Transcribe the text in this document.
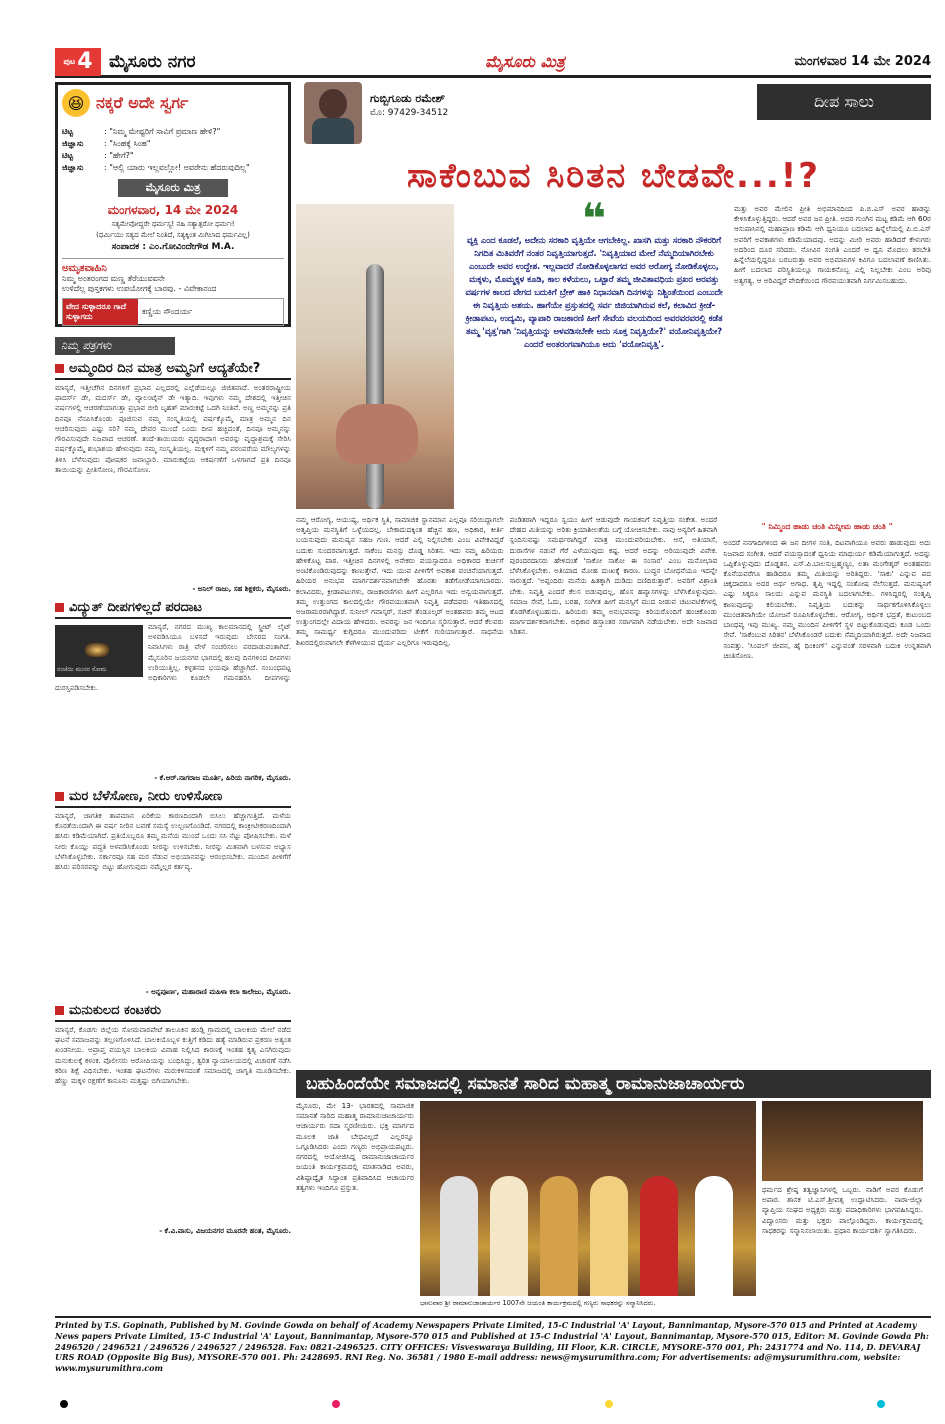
ಪುಟ 4 ಮೈಸೂರು ನಗರ	ಮೈಸೂರು ಮಿತ್ರ	ಮಂಗಳವಾರ 14 ಮೇ 2024
😆 ನಕ್ಕರೆ ಅದೇ ಸ್ವರ್ಗ
ಟಿಟ್ಟ	: "ನಿಮ್ಮ ಮೇಷ್ಟರಿಗೆ ಸಾವಿಗೆ ಪ್ರಮಾಣ ಹೇಳಿ?"
ಜಿಜ್ಞಾಸು	: "ಸಿಂಹಕ್ಕೆ ಸಿಂಹ"
ಟಿಟ್ಟ	: "ಹೇಗೆ?"
ಜಿಜ್ಞಾಸು	: "ಆಲ್ಲಿ ಯಾರು ಇಲ್ಲವಲ್ಲೋ! ಅವರೇನು ಹೆದರುವುದಿಲ್ಲ"
ಮೈಸೂರು ಮಿತ್ರ
ಮಂಗಳವಾರ, 14 ಮೇ 2024
ಸತ್ಯಮೇವೋದ್ಧರೇ ಧರ್ಮಸ್ಯ! ನಹಿ ಸತ್ಯಾತ್ಪರೋ ಧರ್ಮಃ!
(ಧರ್ಮಿಯು ಸತ್ಯದ ಮೇಲೆ ನಿಂತಿದೆ, ಸತ್ಯಕ್ಕಿಂತ ಮಿಗಿಲಾದ ಧರ್ಮವಿಲ್ಲ)
ಸಂಪಾದಕ : ಎಂ.ಗೋವಿಂದೇಗೌಡ M.A.
ಅಮೃತವಾಹಿನಿ
ನಿಮ್ಮ ಅಂತರಂಗದ ಮಣ್ಣ ತೆರೆಯುವವನೇ
ಉಳಿದೆಲ್ಲ ಪುಸ್ತಕಗಳು ಉಪಯೋಗಕ್ಕೆ ಬಾರವು. - ವಿವೇಕಾನಂದ
ವೇದ ಸುಳ್ಳಾದರೂ ಗಾದೆ ಸುಳ್ಳಾಗದು
ಕಣ್ಣಿಯ ಸೌಂದರ್ಯ
ನಿಮ್ಮ ಪತ್ರಗಳು
ಅಮ್ಮಂದಿರ ದಿನ ಮಾತ್ರ ಅಮ್ಮನಿಗೆ ಆದ್ಯತೆಯೇ?
ಮಾನ್ಯರೆ, ಇತ್ತೀಚೆಗಿನ ದಿನಗಳಿಗೆ ಪ್ರಭಾವ ಎಲ್ಲದರಲ್ಲಿ ಎಲ್ಲೆಡೆಯಲ್ಲೂ ಜಿಜಿತವಾದೆ. ಅಂತರರಾಷ್ಟ್ರೀಯ ಫಾದರ್ಸ್ ಡೇ, ಮದರ್ಸ್ ಡೇ, ವ್ಯಾಲಂಟೈನ್ ಡೇ ಇತ್ಯಾದಿ. ಇವುಗಳು ನಮ್ಮ ದೇಶದಲ್ಲಿ ಇತ್ತೀಚಿನ ವರ್ಷಗಳಲ್ಲಿ ಆಚರಣೆಯಾಗುತ್ತಾ ಪ್ರಭಾವ ಬೀರಿ ಬೃಹತ್ ಮಾರುಕಟ್ಟೆ ಒದಗಿ ನಿಂತಿವೆ. ಅಣ್ಣ ಅಮ್ಮನನ್ನು ಪ್ರತಿ ದಿನವೂ ನೆನಪಿಸಿಕೊಂಡು ಪೂಜಿಸುವ ನಮ್ಮ ಸಂಸ್ಕೃತಿಯಲ್ಲಿ ವರ್ಷಕ್ಕೊಮ್ಮೆ ಮಾತ್ರ ಅಮ್ಮನ ದಿನ ಆಚರಿಸುವುದು ಎಷ್ಟು ಸರಿ? ನಮ್ಮ ದೇವರ ಮುಂದೆ ಒಂದು ದೀಪ ಹಚ್ಚಿದಂತೆ, ದಿನವೂ ಅಮ್ಮನನ್ನು ಗೌರವಿಸುವುದೇ ನಿಜವಾದ ಆಚರಣೆ. ತಂದೆ-ತಾಯಿಯರು ವೃದ್ಧರಾದಾಗ ಅವರನ್ನು ವೃದ್ಧಾಶ್ರಮಕ್ಕೆ ಸೇರಿಸಿ ವರ್ಷಕ್ಕೊಮ್ಮೆ ಶುಭಾಶಯ ಹೇಳುವುದು ನಮ್ಮ ಸಂಸ್ಕೃತಿಯಲ್ಲ. ಮಕ್ಕಳಿಗೆ ನಮ್ಮ ಪರಂಪರೆಯ ಮೌಲ್ಯಗಳನ್ನು ತಿಳಿಸಿ ಬೆಳೆಸುವುದು ಪೋಷಕರ ಜವಾಬ್ದಾರಿ. ಮಾರುಕಟ್ಟೆಯ ಆಕರ್ಷಣೆಗೆ ಒಳಗಾಗದೆ ಪ್ರತಿ ದಿನವೂ ತಾಯಿಯನ್ನು ಪ್ರೀತಿಸೋಣ, ಗೌರವಿಸೋಣ.
- ಅನಿಲ್ ರಾಜು, ಸಹ ಶಿಕ್ಷಕರು, ಮೈಸೂರು.
ವಿದ್ಯುತ್ ದೀಪಗಳಿಲ್ಲದೆ ಪರದಾಟ
ನಂಜೆಯಿ ಮುನನ ಸೋಮ
ಮಾನ್ಯರೆ, ನಗರದ ಮುಖ್ಯ ಕಾಲಮಾನದಲ್ಲಿ ಸ್ಟ್ರೀಟ್ ಲೈಟ್ ಅಳವಡಿಸಿಯೂ ಬಳಸದೆ ಇರುವುದು ಬೇಸರದ ಸಂಗತಿ. ನಿವಾಸಿಗಳು ರಾತ್ರಿ ವೇಳೆ ಸಂಚರಿಸಲು ಪರದಾಡುವಂತಾಗಿದೆ. ಮೈಸೂರಿನ ಜಯನಗರ ಭಾಗದಲ್ಲಿ ಹಲವು ದಿನಗಳಿಂದ ದೀಪಗಳು ಉರಿಯುತ್ತಿಲ್ಲ. ಕಳ್ಳತನದ ಭಯವೂ ಹೆಚ್ಚಾಗಿದೆ. ಸಂಬಂಧಪಟ್ಟ ಅಧಿಕಾರಿಗಳು ಕೂಡಲೇ ಗಮನಹರಿಸಿ ದೀಪಗಳನ್ನು ದುರಸ್ತಿಪಡಿಸಬೇಕು.
- ಕೆ.ಆರ್.ನಾಗರಾಜ ಮೂರ್ತಿ, ಹಿರಿಯ ನಾಗರಿಕ, ಮೈಸೂರು.
ಮರ ಬೆಳೆಸೋಣ, ನೀರು ಉಳಿಸೋಣ
ಮಾನ್ಯರೆ, ಜಾಗತಿಕ ತಾಪಮಾನ ಏರಿಕೆಯ ಕಾರಣದಿಂದಾಗಿ ಬಿಸಿಲು ಹೆಚ್ಚಾಗುತ್ತಿದೆ. ಮಳೆಯ ಕೊರತೆಯಿಂದಾಗಿ ಈ ವರ್ಷ ನೀರಿನ ಬವಣೆ ಸಮಸ್ಯೆ ಉಲ್ಬಣಗೊಂಡಿದೆ. ನಗರದಲ್ಲಿ ಕಾಂಕ್ರೀಟೀಕರಣದಿಂದಾಗಿ ಹಸಿರು ಕಡಿಮೆಯಾಗಿದೆ. ಪ್ರತಿಯೊಬ್ಬರೂ ತಮ್ಮ ಮನೆಯ ಮುಂದೆ ಒಂದು ಸಸಿ ನೆಟ್ಟು ಪೋಷಿಸಬೇಕು. ಮಳೆ ನೀರು ಕೊಯ್ಲು ಪದ್ಧತಿ ಅಳವಡಿಸಿಕೊಂಡು ನೀರನ್ನು ಉಳಿಸಬೇಕು. ನೀರನ್ನು ಮಿತವಾಗಿ ಬಳಸುವ ಅಭ್ಯಾಸ ಬೆಳೆಸಿಕೊಳ್ಳಬೇಕು. ಸರ್ಕಾರವೂ ಸಹ ಮರ ನೆಡುವ ಅಭಿಯಾನವನ್ನು ಆರಂಭಿಸಬೇಕು. ಮುಂದಿನ ಪೀಳಿಗೆಗೆ ಹಸಿರು ಪರಿಸರವನ್ನು ಬಿಟ್ಟು ಹೋಗುವುದು ನಮ್ಮೆಲ್ಲರ ಕರ್ತವ್ಯ.
- ಅನ್ನಪೂರ್ಣ, ಮಹಾರಾಣಿ ಮಹಿಳಾ ಕಲಾ ಕಾಲೇಜು, ಮೈಸೂರು.
ಮನುಕುಲದ ಕಂಟಕರು
ಮಾನ್ಯರೆ, ಕೊಡಗು ಜಿಲ್ಲೆಯ ಸೋಮವಾರಪೇಟೆ ತಾಲೂಕಿನ ಹಂಡ್ಲಿ ಗ್ರಾಮದಲ್ಲಿ ಬಾಲಕಿಯ ಮೇಲೆ ನಡೆದ ಘಟನೆ ಸಮಾಜವನ್ನು ತಲ್ಲಣಗೊಳಿಸಿದೆ. ಬಾಲಕಿಯೊಬ್ಬಳ ಕುತ್ತಿಗೆ ಕಡಿದು ಹತ್ಯೆ ಮಾಡಿರುವ ಪ್ರಕರಣ ಅತ್ಯಂತ ಖಂಡನೀಯ. ಅಪ್ರಾಪ್ತ ವಯಸ್ಸಿನ ಬಾಲಕಿಯ ವಿವಾಹ ನಿಲ್ಲಿಸಿದ ಕಾರಣಕ್ಕೆ ಇಂತಹ ಕೃತ್ಯ ಎಸಗಿರುವುದು ಮನುಕುಲಕ್ಕೆ ಕಳಂಕ. ಪೊಲೀಸರು ಆರೋಪಿಯನ್ನು ಬಂಧಿಸಿದ್ದು, ತ್ವರಿತ ನ್ಯಾಯಾಲಯದಲ್ಲಿ ವಿಚಾರಣೆ ನಡೆಸಿ ಕಠಿಣ ಶಿಕ್ಷೆ ವಿಧಿಸಬೇಕು. ಇಂತಹ ಘಟನೆಗಳು ಮರುಕಳಿಸದಂತೆ ಸಮಾಜದಲ್ಲಿ ಜಾಗೃತಿ ಮೂಡಿಸಬೇಕು. ಹೆಣ್ಣು ಮಕ್ಕಳ ರಕ್ಷಣೆಗೆ ಕಾನೂನು ಮತ್ತಷ್ಟು ಬಿಗಿಯಾಗಬೇಕು.
- ಕೆ.ವಿ.ವಾಸು, ವಿಜಯನಗರ ಮೂರನೇ ಹಂತ, ಮೈಸೂರು.
ಗುಬ್ಬಿಗೂಡು ರಮೇಶ್
ಮೊ: 97429-34512
ದೀಪ ಸಾಲು
ಸಾಕೆಂಬುವ ಸಿರಿತನ ಬೇಡವೇ...!?
❝
ವ್ಯಕ್ತಿ ಎಂದ ಕೂಡಲೆ, ಅದೇನು ಸರಕಾರಿ ವೃತ್ತಿಯೇ ಆಗಬೇಕಿಲ್ಲ. ಖಾಸಗಿ ಮತ್ತು ಸರಕಾರಿ ನೌಕರರಿಗೆ ನಿಗದಿತ ಮಿತಿವರೆಗೆ ನಂತರ ನಿವೃತ್ತಿಯಾಗುತ್ತದೆ. 'ನಿವೃತ್ತಿಯಾದ ಮೇಲೆ ನೆಮ್ಮದಿಯಾಗಿರಬೇಕು ಎಂಬುದೇ ಅವರ ಉದ್ದೇಶ. ಇಲ್ಲವಾದರೆ ನೋಡಿಕೊಳ್ಳಲಾಗದ ಅವರ ಆರೋಗ್ಯ ನೋಡಿಕೊಳ್ಳಲು, ಮಕ್ಕಳು, ಮೊಮ್ಮಕ್ಕಳ ಕೂಡಿ, ಕಾಲ ಕಳೆಯಲು, ಒಟ್ಟಾರೆ ತಮ್ಮ ಜೀವಿತಾವಧಿಯ ಪ್ರಖರ ಅರವತ್ತು ವರ್ಷಗಳ ಕಾಲದ ವೇಗದ ಬದುಕಿಗೆ ಬ್ರೇಕ್ ಹಾಕಿ ನಿಧಾನವಾಗಿ ದಿನಗಳನ್ನು ನಿಶ್ಚಿಂತೆಯಿಂದ ಎಂಬುದೇ ಈ ನಿವೃತ್ತಿಯ ಅಶಯ. ಹಾಗೆಯೇ ಪ್ರಸ್ತುತದಲ್ಲಿ ಸರ್ವ ಜಿಜಿಯಾಗಿರುವ ಕಲೆ, ಕಲಾವಿದ ಕ್ರೀಡೆ-ಕ್ರೀಡಾಪಟು, ಉದ್ಯಮಿ, ವ್ಯಾಪಾರಿ ರಾಜಕಾರಣಿ ಹೀಗೆ ಸೇವೆಯ ವಲಯದಿಂದ ಅವರವರವರಲ್ಲಿ ಕಡೆತ ತಮ್ಮ 'ವೃತ್ತ'ಗಾಗಿ 'ನಿವೃತ್ತಿಯನ್ನು ಅಳವಡಿಸಬೇಕೇ ಅದು ಸೂಕ್ತ ನಿವೃತ್ತಿಯೇ?' ವಯೋನಿವೃತ್ತಿಯೇ? ಎಂದರೆ ಅಂತರಂಗವಾಗಿಯೂ ಅದು 'ವಯೋನಿವೃತ್ತಿ'.
ಮತ್ತು ಅವರ ಮೇಲಿನ ಪ್ರೀತಿ ಅಭಿಮಾನದಿಂದ ಪಿ.ಬಿ.ಎಸ್ ಅವರ ಹಾಡನ್ನು ಕೇಳಿಸಿಕೊಳ್ಳುತ್ತಿದ್ದರು. ಆದರೆ ಅವರ ಜನ ಪ್ರೀತಿ. ಅದರ ಗುಂಗಿನ ಮಟ್ಟ ಕಡಿಮೆ ಆಗಿ 60ರ ಆಸುಪಾಸಿನಲ್ಲಿ ಮಹಾಪ್ರಾಣ ಕಡಿಮೆ ಆಗಿ ಧ್ವನಿಯೂ ಬದಲಾದ ಹಿನ್ನೆಲೆಯಲ್ಲಿ ಪಿ.ಬಿ.ಎಸ್ ಅವರಿಗೆ ಅವಕಾಶಗಳು ಕಡಿಮೆಯಾದವು. ಅದನ್ನು ಮೀರಿ ಅವರು ಹಾಡಿದರೆ ಕೇಳುಗರು ಅದರಿಂದ ದೂರ ಸರಿದರು. ನೋವಿನ ಸಂಗತಿ ಎಂದರೆ ಆ ಧ್ವನಿ ಮೊದಲು ತರಬೇತಿ ಹಿನ್ನೆಲೆಯಲ್ಲಿದ್ದರೂ ಬರಬರುತ್ತಾ ಅವರ ಅಭಿಮಾನಿಗಳ ಕಿವಿಗೂ ಬದಲಾವಣೆ ಕಾಣಿಸಿತು. ಹೀಗೆ ಬದಲಾದ ಪರಿಸ್ಥಿತಿಯಲ್ಲೂ ಗಾಯಕನೊಬ್ಬ ಎಲ್ಲಿ ನಿಲ್ಲಬೇಕು ಎಂಬ ಅರಿವು ಅತ್ಯಗತ್ಯ. ಆ ಅರಿವಿದ್ದರೆ ವೇದಿಕೆಯಿಂದ ಗೌರವಯುತವಾಗಿ ನಿರ್ಗಮಿಸಬಹುದು.
ನಮ್ಮ ಆರೋಗ್ಯ, ಆಯುಷ್ಯ, ಅರ್ಥಿಕ ಸ್ಥಿತಿ, ಸಾಮಾಜಿಕ ಸ್ಥಾನಮಾನ ಎಲ್ಲವೂ ಸರಿಯಿದ್ದಾಗಲೇ ಅತೃಪ್ತಿಯ ಮನಸ್ಥಿತಿಗೆ ಒಳ್ಳೆಯದಲ್ಲ. ಬೇಕಾದುದಕ್ಕಿಂತ ಹೆಚ್ಚಿನ ಹಣ, ಅಧಿಕಾರ, ಕೀರ್ತಿ ಬಯಸುವುದು ಮನುಷ್ಯನ ಸಹಜ ಗುಣ. ಆದರೆ ಎಲ್ಲಿ ನಿಲ್ಲಿಸಬೇಕು ಎಂಬ ವಿವೇಕವಿದ್ದರೆ ಬದುಕು ಸುಂದರವಾಗುತ್ತದೆ. ಸಾಕೆಂಬ ಮನಸ್ಸು ದೊಡ್ಡ ಸಿರಿತನ. ಇದು ನಮ್ಮ ಹಿರಿಯರು ಹೇಳಿಕೊಟ್ಟ ಪಾಠ. ಇತ್ತೀಚಿನ ದಿನಗಳಲ್ಲಿ ಅನೇಕರು ವಯಸ್ಸಾದರೂ ಅಧಿಕಾರದ ಕುರ್ಚಿಗೆ ಅಂಟಿಕೊಂಡಿರುವುದನ್ನು ಕಾಣುತ್ತೇವೆ. ಇದು ಯುವ ಪೀಳಿಗೆಗೆ ಅವಕಾಶ ವಂಚನೆಯಾಗುತ್ತದೆ. ಹಿರಿಯರ ಅನುಭವ ಮಾರ್ಗದರ್ಶನವಾಗಬೇಕೇ ಹೊರತು ತಡೆಗೋಡೆಯಾಗಬಾರದು. ಕಲಾವಿದರು, ಕ್ರೀಡಾಪಟುಗಳು, ರಾಜಕಾರಣಿಗಳು ಹೀಗೆ ಎಲ್ಲರಿಗೂ ಇದು ಅನ್ವಯವಾಗುತ್ತದೆ. ತಮ್ಮ ಉತ್ತುಂಗದ ಕಾಲದಲ್ಲಿಯೇ ಗೌರವಯುತವಾಗಿ ನಿವೃತ್ತಿ ಪಡೆದವರು ಇತಿಹಾಸದಲ್ಲಿ ಅಜರಾಮರರಾಗಿದ್ದಾರೆ. ಸುನೀಲ್ ಗವಾಸ್ಕರ್, ಸಚಿನ್ ತೆಂಡೂಲ್ಕರ್ ಅಂತಹವರು ತಮ್ಮ ಆಟದ ಉತ್ತುಂಗದಲ್ಲೇ ವಿದಾಯ ಹೇಳಿದರು. ಅವರನ್ನು ಜನ ಇಂದಿಗೂ ಸ್ಮರಿಸುತ್ತಾರೆ. ಆದರೆ ಕೆಲವರು ತಮ್ಮ ಸಾಮರ್ಥ್ಯ ಕುಗ್ಗಿದರೂ ಮುಂದುವರಿದು ಟೀಕೆಗೆ ಗುರಿಯಾಗುತ್ತಾರೆ. ಸಾಧನೆಯ ಶಿಖರದಲ್ಲಿರುವಾಗಲೇ ಕೆಳಗಿಳಿಯುವ ಧೈರ್ಯ ಎಲ್ಲರಿಗೂ ಇರುವುದಿಲ್ಲ.
ಪಂಡಿತರಾಗಿ ಇದ್ದರೂ ಸ್ವಯಂ ಹೀಗೆ ಆಡುವುದೇ ಗಾಯಕನಿಗೆ ನಿವೃತ್ತಿಯ ಸಂಕೇತ. ಅಂದರೆ ದೇಹದ ಮಿತಿಯನ್ನು ಅರಿತು ಕ್ರಿಯಾಶೀಲತೆಯ ಬಗ್ಗೆ ಯೋಚಿಸಬೇಕು. ನಾವು ಅನ್ಯರಿಗೆ ಹಿತವಾಗಿ ಸ್ಪಂದಿಸುವಷ್ಟು ಸಮರ್ಥರಾಗಿದ್ದರೆ ಮಾತ್ರ ಮುಂದುವರಿಯಬೇಕು. ಆಸೆ, ಅತಿಯಾಸೆ, ದುರಾಸೆಗಳ ನಡುವೆ ಗೆರೆ ಎಳೆಯುವುದು ಕಷ್ಟ. ಆದರೆ ಅದನ್ನು ಅರಿಯುವುದೇ ವಿವೇಕ. ಪುರಂದರದಾಸರು ಹೇಳಿದಂತೆ 'ಸಾಕೋ ಸಾಕೋ ಈ ಸಂಸಾರ' ಎಂಬ ಮನೋಭಾವ ಬೆಳೆಸಿಕೊಳ್ಳಬೇಕು. ಅತಿಯಾದ ಮೋಹ ದುಃಖಕ್ಕೆ ಕಾರಣ. ಬುದ್ಧನ ಬೋಧನೆಯೂ ಇದನ್ನೇ ಸಾರುತ್ತದೆ. 'ಅಪ್ಪಂದಿರು ಮನೆಯ ಹಿತಕ್ಕಾಗಿ ದುಡಿದು ದಣಿದಿರುತ್ತಾರೆ'. ಅವರಿಗೆ ವಿಶ್ರಾಂತಿ ಬೇಕು. ನಿವೃತ್ತಿ ಎಂದರೆ ಕೆಲಸ ಬಿಡುವುದಲ್ಲ, ಹೊಸ ಹವ್ಯಾಸಗಳನ್ನು ಬೆಳೆಸಿಕೊಳ್ಳುವುದು. ಸಮಾಜ ಸೇವೆ, ಓದು, ಬರಹ, ಸಂಗೀತ ಹೀಗೆ ಮನಸ್ಸಿಗೆ ಮುದ ನೀಡುವ ಚಟುವಟಿಕೆಗಳಲ್ಲಿ ತೊಡಗಿಕೊಳ್ಳಬಹುದು. ಹಿರಿಯರು ತಮ್ಮ ಅನುಭವವನ್ನು ಕಿರಿಯರೊಂದಿಗೆ ಹಂಚಿಕೊಂಡು ಮಾರ್ಗದರ್ಶಕರಾಗಬೇಕು. ಅಧಿಕಾರ ಹಸ್ತಾಂತರ ಸರಾಗವಾಗಿ ನಡೆಯಬೇಕು. ಅದೇ ನಿಜವಾದ ಸಿರಿತನ.
" ನಿಮ್ಮಿಂದ ಹಾಡು ಚಂತಿ ಮಿನ್ನೀಮ ಹಾಡು ಚಂತಿ "
ಅಂದರೆ ನನಗಾದಿಗಳಿಂದ ಈ ಜನ ದೀಗಳ ಸಂತಿ, ದಿಟವಾಗಿಯೂ ಅವರು ಹಾಡುವುದು ಅದು ನಿಜವಾದ ಸಂಗೀತ. ಆದರೆ ವಯಸ್ಸಾದಂತೆ ಧ್ವನಿಯ ಮಾಧುರ್ಯ ಕಡಿಮೆಯಾಗುತ್ತದೆ. ಅದನ್ನು ಒಪ್ಪಿಕೊಳ್ಳುವುದು ದೊಡ್ಡತನ. ಎಸ್.ಪಿ.ಬಾಲಸುಬ್ರಹ್ಮಣ್ಯಂ, ಲತಾ ಮಂಗೇಶ್ಕರ್ ಅಂತಹವರು ಕೊನೆಯವರೆಗೂ ಹಾಡಿದರೂ ತಮ್ಮ ಮಿತಿಯನ್ನು ಅರಿತಿದ್ದರು. 'ಸಾಕು' ಎನ್ನುವ ಪದ ಚಿಕ್ಕದಾದರೂ ಅದರ ಅರ್ಥ ಅಗಾಧ. ತೃಪ್ತಿ ಇದ್ದಲ್ಲಿ ಸಂತೋಷ ನೆಲೆಸುತ್ತದೆ. ಮನುಷ್ಯನಿಗೆ ಎಷ್ಟು ಸಿಕ್ಕರೂ ಸಾಲದು ಎನ್ನುವ ಮನಸ್ಥಿತಿ ಬದಲಾಗಬೇಕು. ಗಳಿಸಿದ್ದರಲ್ಲಿ ಸಂತೃಪ್ತಿ ಕಾಣುವುದನ್ನು ಕಲಿಯಬೇಕು. ನಿವೃತ್ತಿಯ ಬದುಕನ್ನು ಸಾರ್ಥಕಗೊಳಿಸಿಕೊಳ್ಳಲು ಮುಂಚಿತವಾಗಿಯೇ ಯೋಜನೆ ರೂಪಿಸಿಕೊಳ್ಳಬೇಕು. ಆರೋಗ್ಯ, ಆರ್ಥಿಕ ಭದ್ರತೆ, ಕುಟುಂಬದ ಬಾಂಧವ್ಯ ಇವು ಮುಖ್ಯ. ನಮ್ಮ ಮುಂದಿನ ಪೀಳಿಗೆಗೆ ಸ್ಥಳ ಬಿಟ್ಟುಕೊಡುವುದು ಕೂಡ ಒಂದು ಸೇವೆ. 'ಸಾಕೆಂಬುವ ಸಿರಿತನ' ಬೆಳೆಸಿಕೊಂಡರೆ ಬದುಕು ನೆಮ್ಮದಿಯಾಗಿರುತ್ತದೆ. ಅದೇ ನಿಜವಾದ ಸಂಪತ್ತು. 'ಸಿಂಪಲ್ ಜೀವನ, ಹೈ ಥಿಂಕಿಂಗ್' ಎನ್ನುವಂತೆ ಸರಳವಾಗಿ ಬದುಕಿ ಉನ್ನತವಾಗಿ ಚಿಂತಿಸೋಣ.
ಬಹುಹಿಂದೆಯೇ ಸಮಾಜದಲ್ಲಿ ಸಮಾನತೆ ಸಾರಿದ ಮಹಾತ್ಮ ರಾಮಾನುಜಾಚಾರ್ಯರು
ಮೈಸೂರು, ಮೇ 13- ಭಾರತದಲ್ಲಿ ಸಾಮಾಜಿಕ ಸಮಾನತೆ ಸಾರಿದ ಮಹಾತ್ಮ ರಾಮಾನುಜಾಚಾರ್ಯರು ಆಚಾರ್ಯರು ಸದಾ ಸ್ಮರಣೀಯರು. ಭಕ್ತಿ ಮಾರ್ಗದ ಮೂಲಕ ಜಾತಿ ಬೇಧವಿಲ್ಲದೆ ಎಲ್ಲರನ್ನೂ ಒಗ್ಗೂಡಿಸಿದರು ಎಂದು ಗಣ್ಯರು ಅಭಿಪ್ರಾಯಪಟ್ಟರು. ನಗರದಲ್ಲಿ ಆಯೋಜಿಸಿದ್ದ ರಾಮಾನುಜಾಚಾರ್ಯರ ಜಯಂತಿ ಕಾರ್ಯಕ್ರಮದಲ್ಲಿ ಮಾತನಾಡಿದ ಅವರು, ವಿಶಿಷ್ಟಾದ್ವೈತ ಸಿದ್ಧಾಂತ ಪ್ರತಿಪಾದಿಸಿದ ಆಚಾರ್ಯರ ತತ್ವಗಳು ಇಂದಿಗೂ ಪ್ರಸ್ತುತ.
ಭಾನುವಾರ ಶ್ರೀ ರಾಮಾನುಜಾಚಾರ್ಯರ 1007ನೇ ಜಯಂತಿ ಕಾರ್ಯಕ್ರಮದಲ್ಲಿ ಗಣ್ಯರು ಸಾಧಕರನ್ನು ಸನ್ಮಾನಿಸಿದರು.
ಧರ್ಮದ ಶ್ರೇಷ್ಠ ತತ್ವಜ್ಞಾನಿಗಳಲ್ಲಿ ಒಬ್ಬರು. ನಾಡಿಗೆ ಅವರ ಕೊಡುಗೆ ಅಪಾರ. ಶಾಸಕ ಟಿ.ಎಸ್.ಶ್ರೀವತ್ಸ ಉದ್ಘಾಟಿಸಿದರು. ನಾರಾ-ಜಿಲ್ಲಾ ವ್ಯಾಪ್ತಿಯ ಸಂಘದ ಅಧ್ಯಕ್ಷರು ಮತ್ತು ಪದಾಧಿಕಾರಿಗಳು ಭಾಗವಹಿಸಿದ್ದರು. ವಿದ್ವಾಂಸರು ಮತ್ತು ಭಕ್ತರು ಪಾಲ್ಗೊಂಡಿದ್ದರು. ಕಾರ್ಯಕ್ರಮದಲ್ಲಿ ಸಾಧಕರನ್ನು ಸನ್ಮಾನಿಸಲಾಯಿತು. ಪ್ರಧಾನ ಕಾರ್ಯದರ್ಶಿ ಸ್ವಾಗತಿಸಿದರು.
Printed by T.S. Gopinath, Published by M. Govinde Gowda on behalf of Academy Newspapers Private Limited, 15-C Industrial 'A' Layout, Bannimantap, Mysore-570 015 and Printed at Academy News papers Private Limited, 15-C Industrial 'A' Layout, Bannimantap, Mysore-570 015 and Published at 15-C Industrial 'A' Layout, Bannimantap, Mysore-570 015, Editor: M. Govinde Gowda Ph: 2496520 / 2496521 / 2496526 / 2496527 / 2496528. Fax: 0821-2496525. CITY OFFICES: Visveswaraya Building, III Floor, K.R. CIRCLE, MYSORE-570 001, Ph: 2431774 and No. 114, D. DEVARAJ URS ROAD (Opposite Big Bus), MYSORE-570 001. Ph: 2428695. RNI Reg. No. 36581 / 1980 E-mail address: news@mysurumithra.com; For advertisements: ad@mysurumithra.com, website: www.mysurumithra.com
